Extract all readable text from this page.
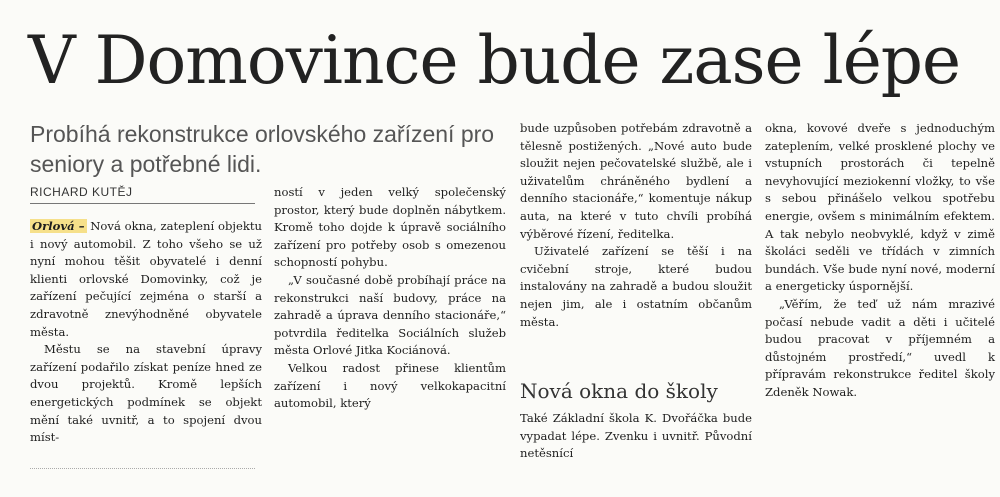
V Domovince bude zase lépe
Probíhá rekonstrukce orlovského zařízení pro seniory a potřebné lidi.
RICHARD KUTĚJ

Orlová – Nová okna, zateplení objektu i nový automobil. Z toho všeho se už nyní mohou těšit obyvatelé i denní klienti orlovské Domovinky, což je zařízení pečující zejména o starší a zdravotně znevýhodněné obyvatele města.

Městu se na stavební úpravy zařízení podařilo získat peníze hned ze dvou projektů. Kromě lepších energetických podmínek se objekt mění také uvnitř, a to spojení dvou míst-

ností v jeden velký společenský prostor, který bude doplněn nábytkem. Kromě toho dojde k úpravě sociálního zařízení pro potřeby osob s omezenou schopností pohybu.

„V současné době probíhají práce na rekonstrukci naší budovy, práce na zahradě a úprava denního stacionáře,“ potvrdila ředitelka Sociálních služeb města Orlové Jitka Kociánová.

Velkou radost přinese klientům zařízení i nový velkokapacitní automobil, který

bude uzpůsoben potřebám zdravotně a tělesně postižených. „Nové auto bude sloužit nejen pečovatelské službě, ale i uživatelům chráněného bydlení a denního stacionáře,“ komentuje nákup auta, na které v tuto chvíli probíhá výběrové řízení, ředitelka.

Uživatelé zařízení se těší i na cvičební stroje, které budou instalovány na zahradě a budou sloužit nejen jim, ale i ostatním občanům města.

Nová okna do školy

Také Základní škola K. Dvořáčka bude vypadat lépe. Zvenku i uvnitř. Původní netěsnící

okna, kovové dveře s jednoduchým zateplením, velké prosklené plochy ve vstupních prostorách či tepelně nevyhovující meziokenní vložky, to vše s sebou přinášelo velkou spotřebu energie, ovšem s minimálním efektem. A tak nebylo neobvyklé, když v zimě školáci seděli ve třídách v zimních bundách. Vše bude nyní nové, moderní a energeticky úspornější.

„Věřím, že teď už nám mrazivé počasí nebude vadit a děti i učitelé budou pracovat v příjemném a důstojném prostředí,“ uvedl k přípravám rekonstrukce ředitel školy Zdeněk Nowak.
